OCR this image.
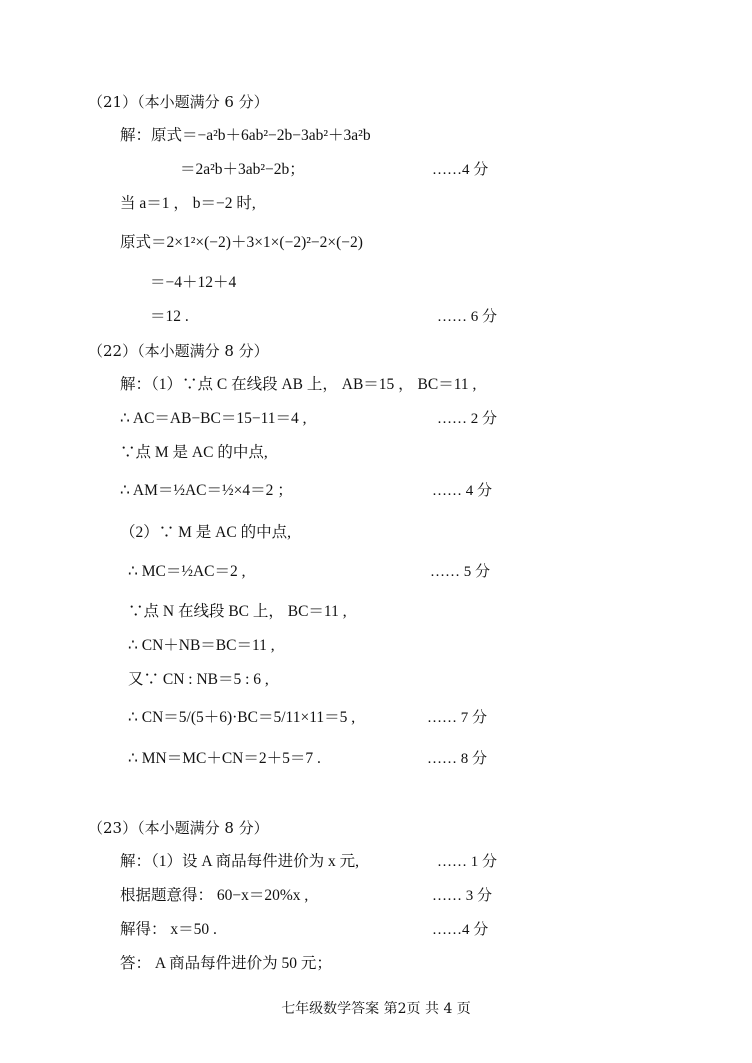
（21）（本小题满分 6 分）
解：原式＝−a²b＋6ab²−2b−3ab²＋3a²b
＝2a²b＋3ab²−2b；	……4 分
当 a＝1 ， b＝−2 时,
原式＝2×1²×(−2)＋3×1×(−2)²−2×(−2)
＝−4＋12＋4
＝12 .	…… 6 分
（22）（本小题满分 8 分）
解：（1）∵点 C 在线段 AB 上， AB＝15 ， BC＝11 ,
∴ AC＝AB−BC＝15−11＝4 ,	…… 2 分
∵点 M 是 AC 的中点,
∴ AM＝½AC＝½×4＝2 ；	…… 4 分
（2）∵ M 是 AC 的中点,
∴ MC＝½AC＝2 ,	…… 5 分
∵点 N 在线段 BC 上， BC＝11 ,
∴ CN＋NB＝BC＝11 ,
又∵ CN : NB＝5 : 6 ,
∴ CN＝5/(5＋6)·BC＝5/11×11＝5 ,	…… 7 分
∴ MN＝MC＋CN＝2＋5＝7 .	…… 8 分
（23）（本小题满分 8 分）
解：（1）设 A 商品每件进价为 x 元,	…… 1 分
根据题意得： 60−x＝20%x ,	…… 3 分
解得： x＝50 .	……4 分
答： A 商品每件进价为 50 元；
七年级数学答案 第2页 共 4 页
